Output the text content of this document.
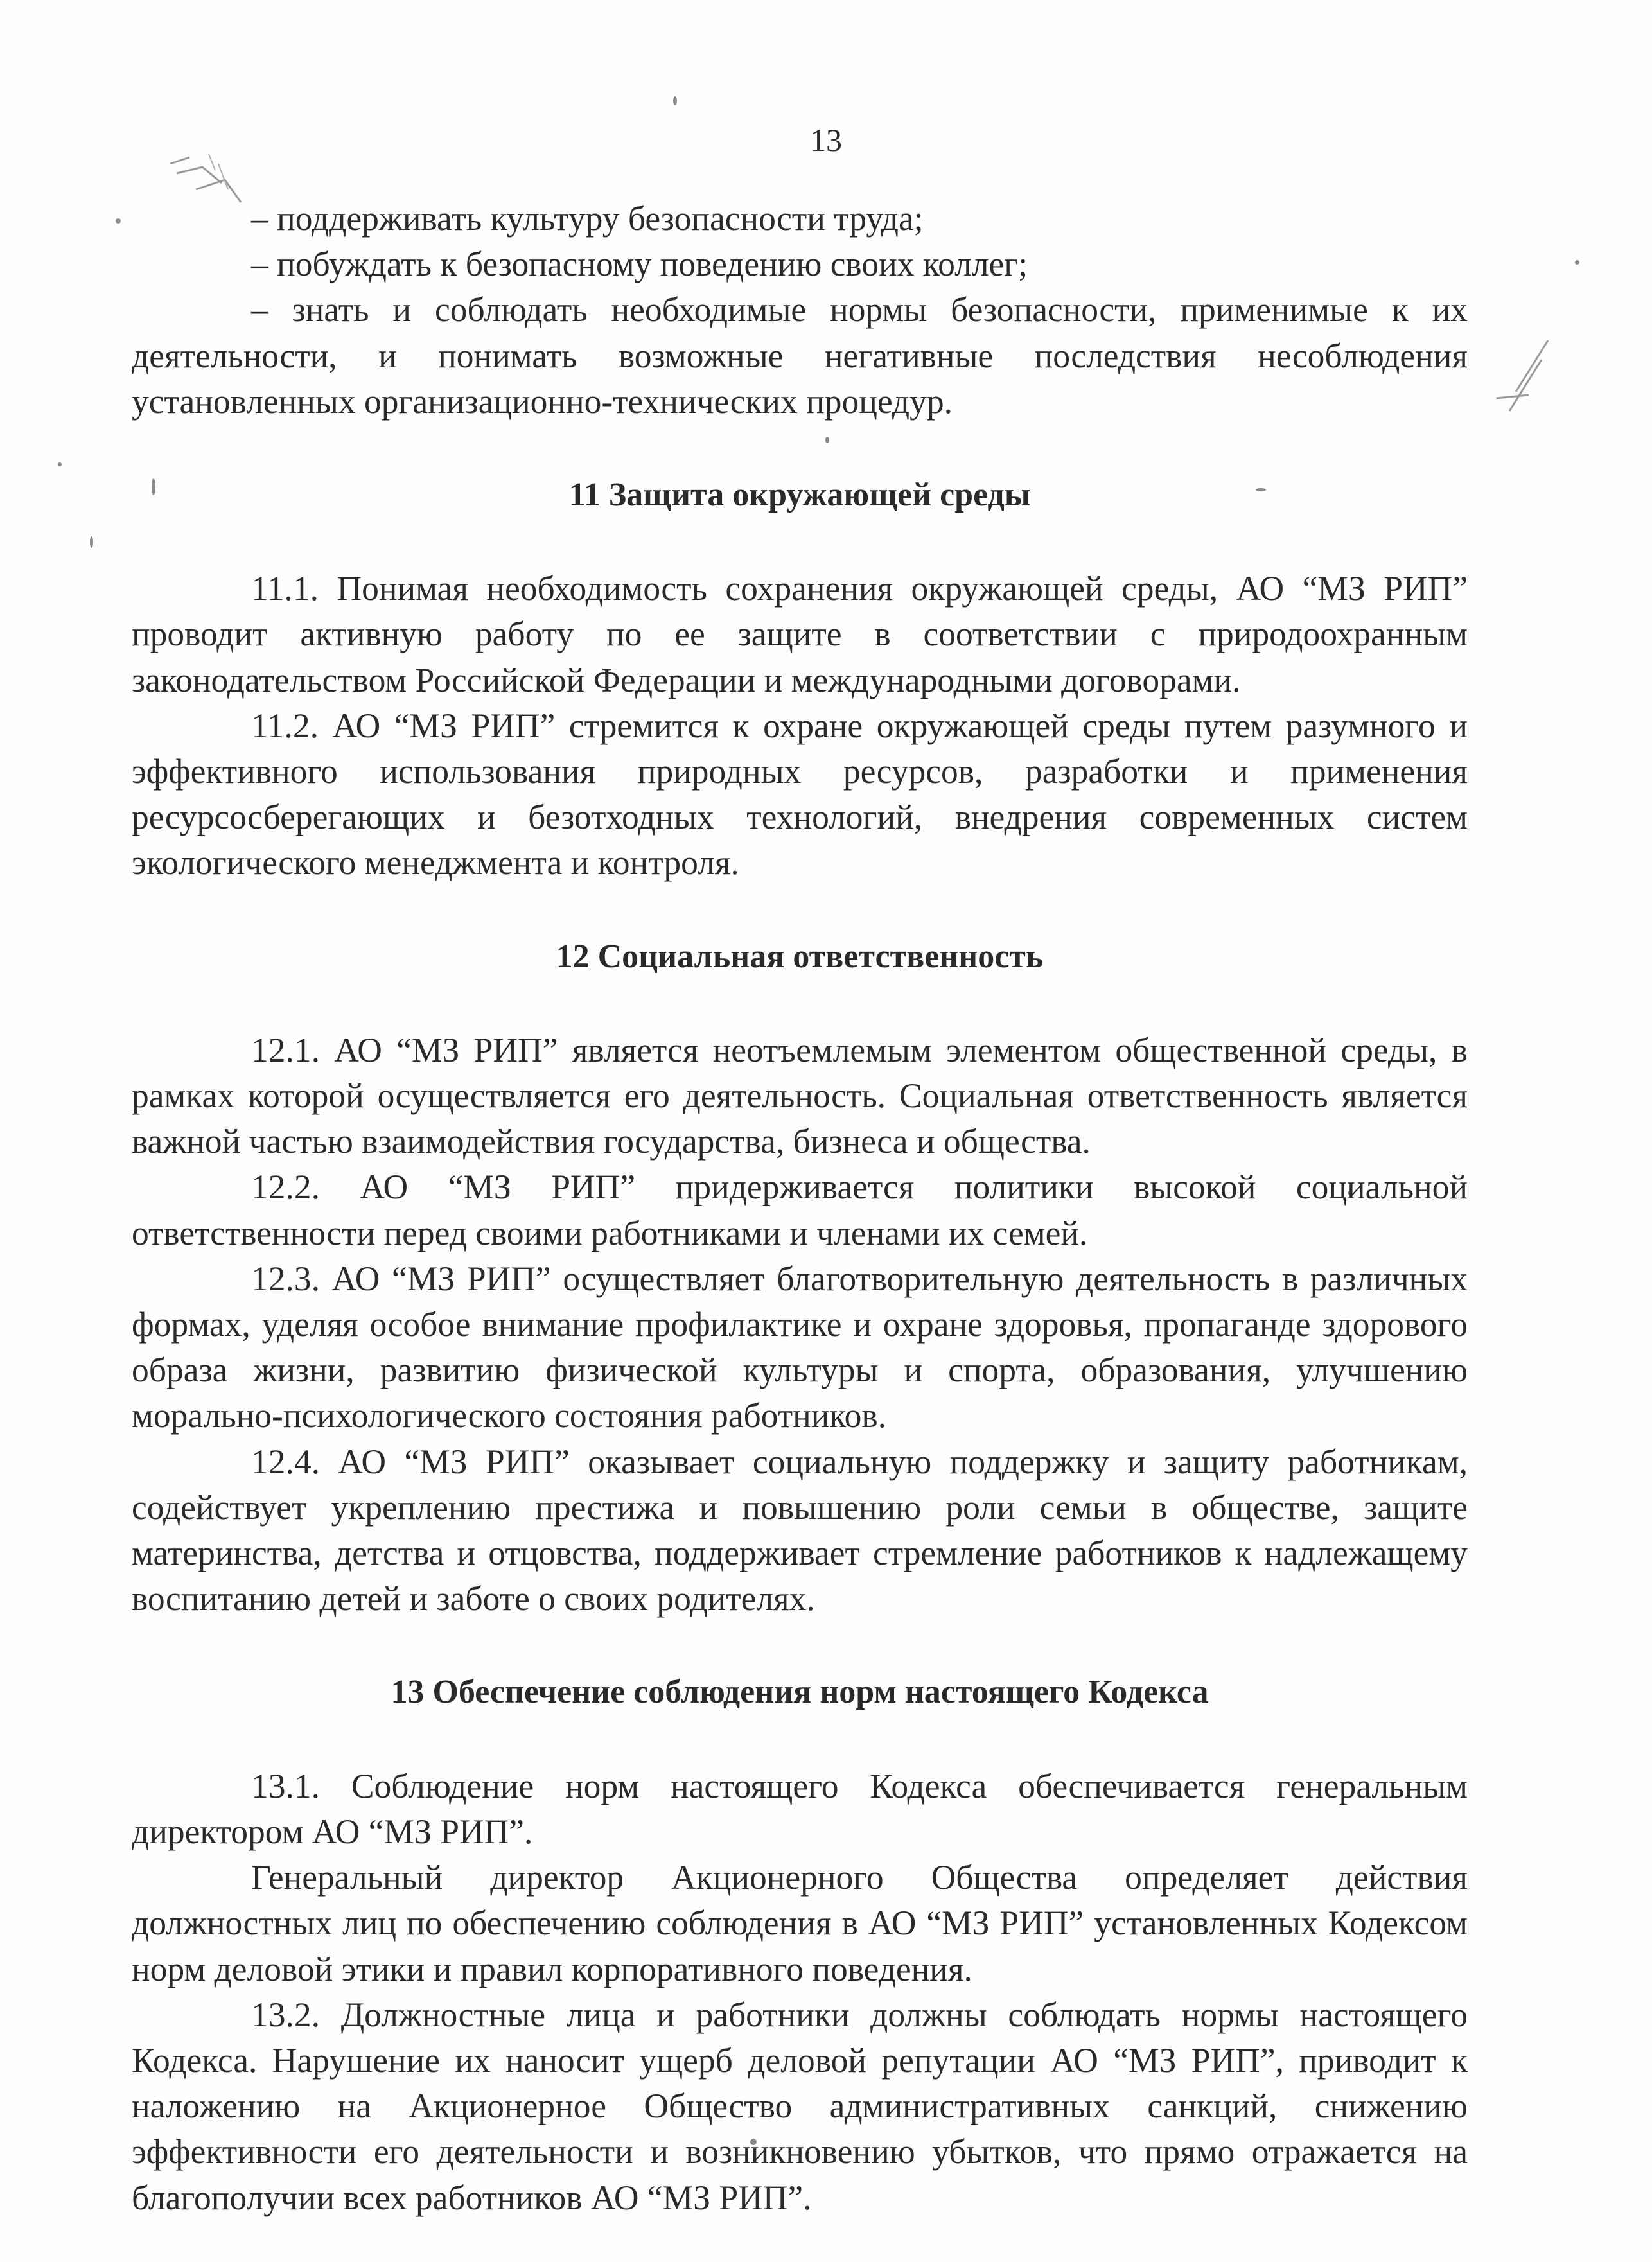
13

– поддерживать культуру безопасности труда;

– побуждать к безопасному поведению своих коллег;

– знать и соблюдать необходимые нормы безопасности, применимые к их деятельности, и понимать возможные негативные последствия несоблюдения установленных организационно-технических процедур.

11 Защита окружающей среды

11.1. Понимая необходимость сохранения окружающей среды, АО “МЗ РИП” проводит активную работу по ее защите в соответствии с природоохранным законодательством Российской Федерации и международными договорами.

11.2. АО “МЗ РИП” стремится к охране окружающей среды путем разумного и эффективного использования природных ресурсов, разработки и применения ресурсосберегающих и безотходных технологий, внедрения современных систем экологического менеджмента и контроля.

12 Социальная ответственность

12.1. АО “МЗ РИП” является неотъемлемым элементом общественной среды, в рамках которой осуществляется его деятельность. Социальная ответственность является важной частью взаимодействия государства, бизнеса и общества.

12.2. АО “МЗ РИП” придерживается политики высокой социальной ответственности перед своими работниками и членами их семей.

12.3. АО “МЗ РИП” осуществляет благотворительную деятельность в различных формах, уделяя особое внимание профилактике и охране здоровья, пропаганде здорового образа жизни, развитию физической культуры и спорта, образования, улучшению морально-психологического состояния работников.

12.4. АО “МЗ РИП” оказывает социальную поддержку и защиту работникам, содействует укреплению престижа и повышению роли семьи в обществе, защите материнства, детства и отцовства, поддерживает стремление работников к надлежащему воспитанию детей и заботе о своих родителях.

13 Обеспечение соблюдения норм настоящего Кодекса

13.1. Соблюдение норм настоящего Кодекса обеспечивается генеральным директором АО “МЗ РИП”.

Генеральный директор Акционерного Общества определяет действия должностных лиц по обеспечению соблюдения в АО “МЗ РИП” установленных Кодексом норм деловой этики и правил корпоративного поведения.

13.2. Должностные лица и работники должны соблюдать нормы настоящего Кодекса. Нарушение их наносит ущерб деловой репутации АО “МЗ РИП”, приводит к наложению на Акционерное Общество административных санкций, снижению эффективности его деятельности и возникновению убытков, что прямо отражается на благополучии всех работников АО “МЗ РИП”.
